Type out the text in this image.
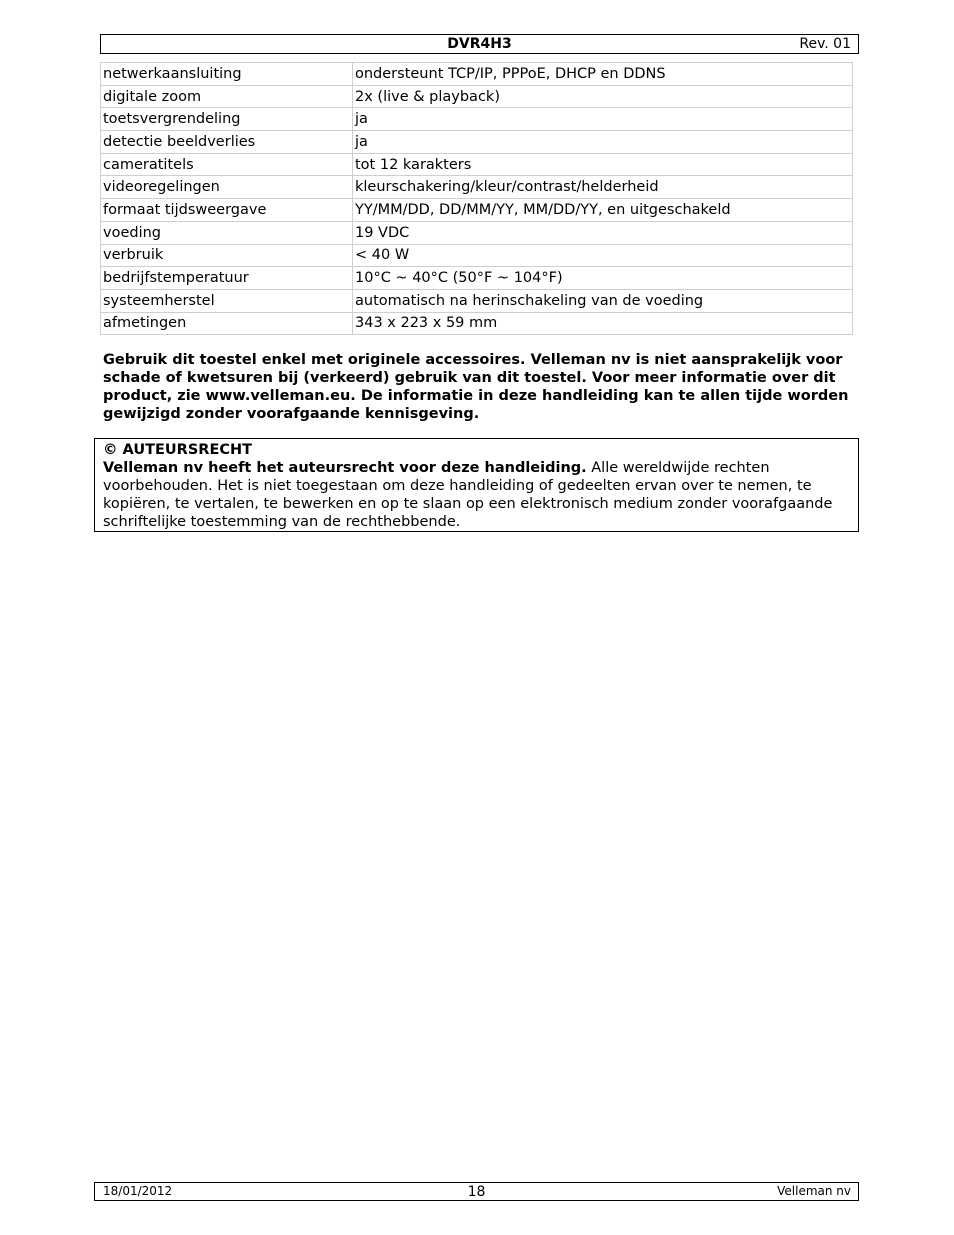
DVR4H3	Rev. 01
netwerkaansluiting	ondersteunt TCP/IP, PPPoE, DHCP en DDNS
digitale zoom	2x (live & playback)
toetsvergrendeling	ja
detectie beeldverlies	ja
cameratitels	tot 12 karakters
videoregelingen	kleurschakering/kleur/contrast/helderheid
formaat tijdsweergave	YY/MM/DD, DD/MM/YY, MM/DD/YY, en uitgeschakeld
voeding	19 VDC
verbruik	< 40 W
bedrijfstemperatuur	10°C ~ 40°C (50°F ~ 104°F)
systeemherstel	automatisch na herinschakeling van de voeding
afmetingen	343 x 223 x 59 mm
Gebruik dit toestel enkel met originele accessoires. Velleman nv is niet aansprakelijk voor schade of kwetsuren bij (verkeerd) gebruik van dit toestel. Voor meer informatie over dit product, zie www.velleman.eu. De informatie in deze handleiding kan te allen tijde worden gewijzigd zonder voorafgaande kennisgeving.
© AUTEURSRECHT
Velleman nv heeft het auteursrecht voor deze handleiding. Alle wereldwijde rechten voorbehouden. Het is niet toegestaan om deze handleiding of gedeelten ervan over te nemen, te kopiëren, te vertalen, te bewerken en op te slaan op een elektronisch medium zonder voorafgaande schriftelijke toestemming van de rechthebbende.
18/01/2012	18	Velleman nv
